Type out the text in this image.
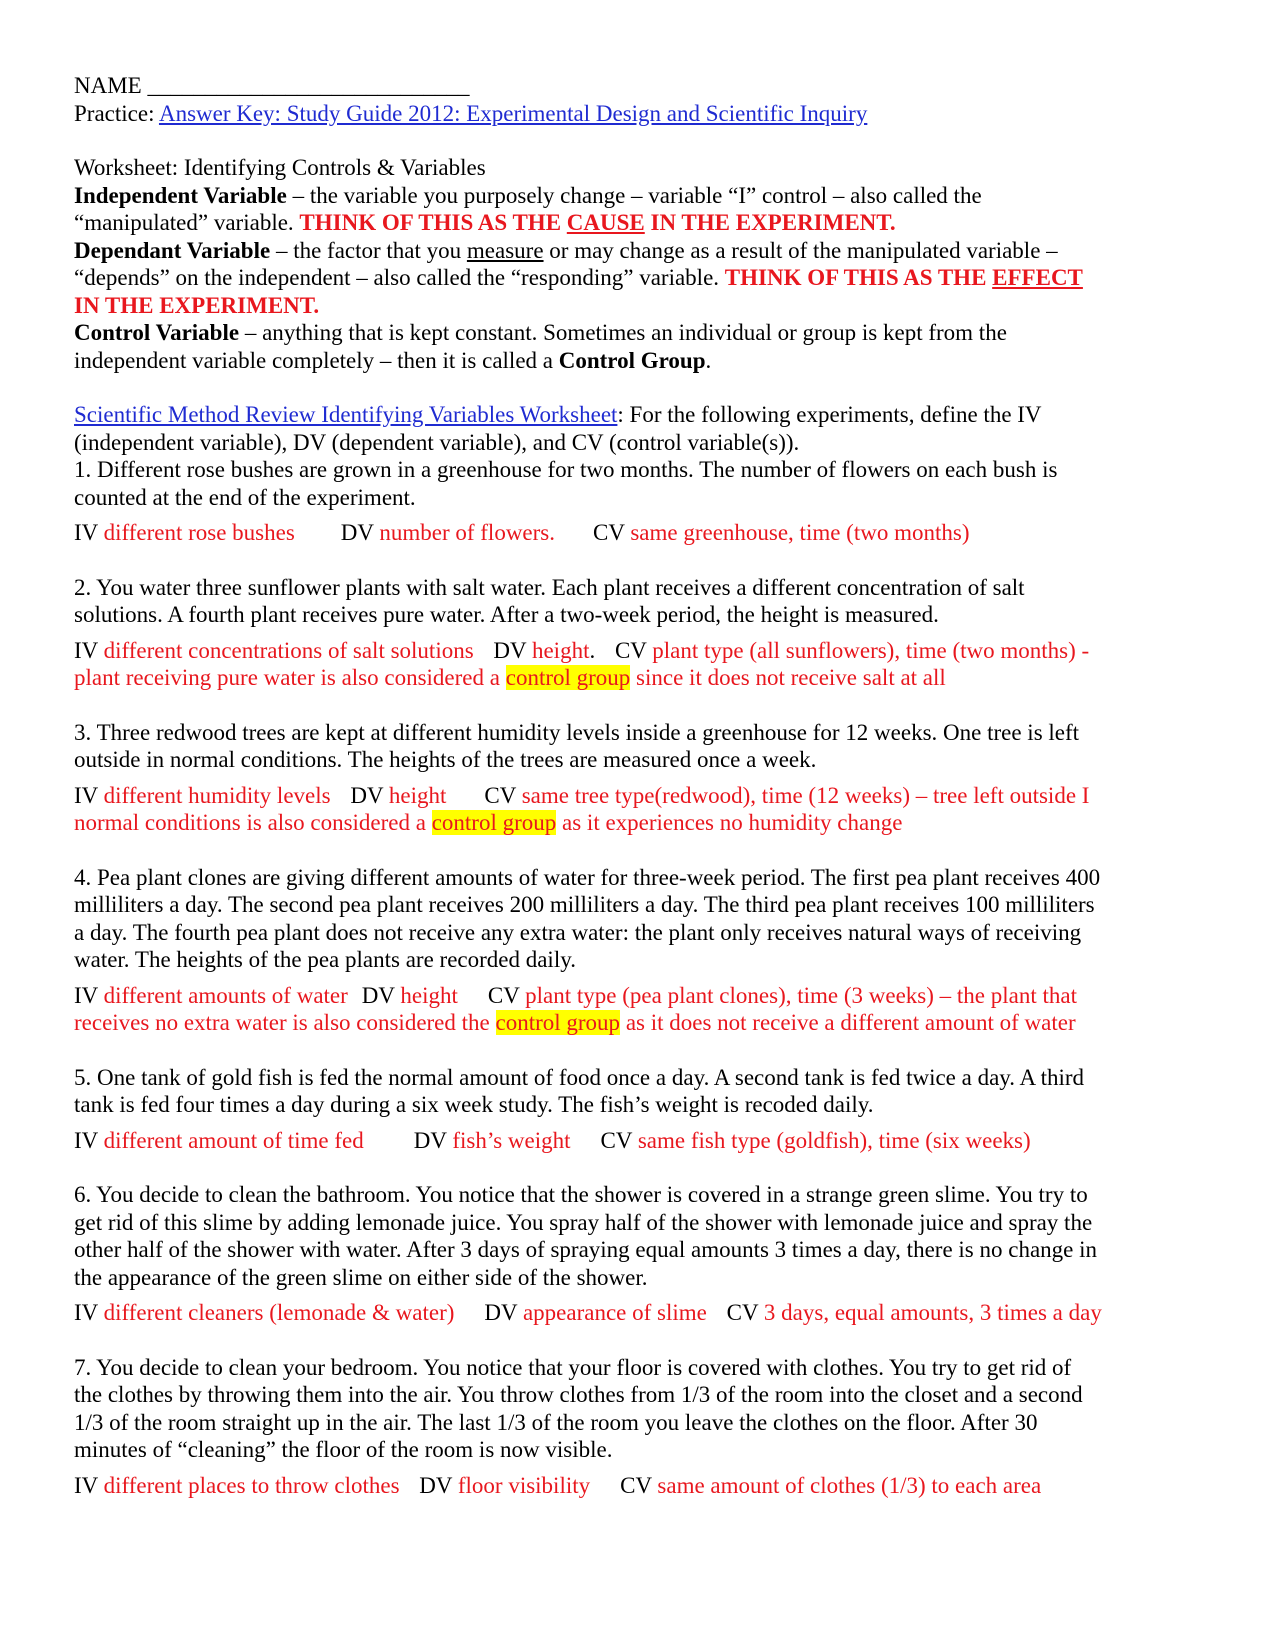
NAME ____________________________
Practice: Answer Key: Study Guide 2012: Experimental Design and Scientific Inquiry
Worksheet: Identifying Controls & Variables
Independent Variable – the variable you purposely change – variable “I” control – also called the
“manipulated” variable. THINK OF THIS AS THE CAUSE IN THE EXPERIMENT.
Dependant Variable – the factor that you measure or may change as a result of the manipulated variable –
“depends” on the independent – also called the “responding” variable. THINK OF THIS AS THE EFFECT
IN THE EXPERIMENT.
Control Variable – anything that is kept constant. Sometimes an individual or group is kept from the
independent variable completely – then it is called a Control Group.
Scientific Method Review Identifying Variables Worksheet: For the following experiments, define the IV
(independent variable), DV (dependent variable), and CV (control variable(s)).
1. Different rose bushes are grown in a greenhouse for two months. The number of flowers on each bush is
counted at the end of the experiment.
IV different rose bushes DV number of flowers. CV same greenhouse, time (two months)
2. You water three sunflower plants with salt water. Each plant receives a different concentration of salt
solutions. A fourth plant receives pure water. After a two-week period, the height is measured.
IV different concentrations of salt solutions DV height. CV plant type (all sunflowers), time (two months) -
plant receiving pure water is also considered a control group since it does not receive salt at all
3. Three redwood trees are kept at different humidity levels inside a greenhouse for 12 weeks. One tree is left
outside in normal conditions. The heights of the trees are measured once a week.
IV different humidity levels DV height CV same tree type(redwood), time (12 weeks) – tree left outside I
normal conditions is also considered a control group as it experiences no humidity change
4. Pea plant clones are giving different amounts of water for three-week period. The first pea plant receives 400
milliliters a day. The second pea plant receives 200 milliliters a day. The third pea plant receives 100 milliliters
a day. The fourth pea plant does not receive any extra water: the plant only receives natural ways of receiving
water. The heights of the pea plants are recorded daily.
IV different amounts of water DV height CV plant type (pea plant clones), time (3 weeks) – the plant that
receives no extra water is also considered the control group as it does not receive a different amount of water
5. One tank of gold fish is fed the normal amount of food once a day. A second tank is fed twice a day. A third
tank is fed four times a day during a six week study. The fish’s weight is recoded daily.
IV different amount of time fed DV fish’s weight CV same fish type (goldfish), time (six weeks)
6. You decide to clean the bathroom. You notice that the shower is covered in a strange green slime. You try to
get rid of this slime by adding lemonade juice. You spray half of the shower with lemonade juice and spray the
other half of the shower with water. After 3 days of spraying equal amounts 3 times a day, there is no change in
the appearance of the green slime on either side of the shower.
IV different cleaners (lemonade & water) DV appearance of slime CV 3 days, equal amounts, 3 times a day
7. You decide to clean your bedroom. You notice that your floor is covered with clothes. You try to get rid of
the clothes by throwing them into the air. You throw clothes from 1/3 of the room into the closet and a second
1/3 of the room straight up in the air. The last 1/3 of the room you leave the clothes on the floor. After 30
minutes of “cleaning” the floor of the room is now visible.
IV different places to throw clothes DV floor visibility CV same amount of clothes (1/3) to each area
